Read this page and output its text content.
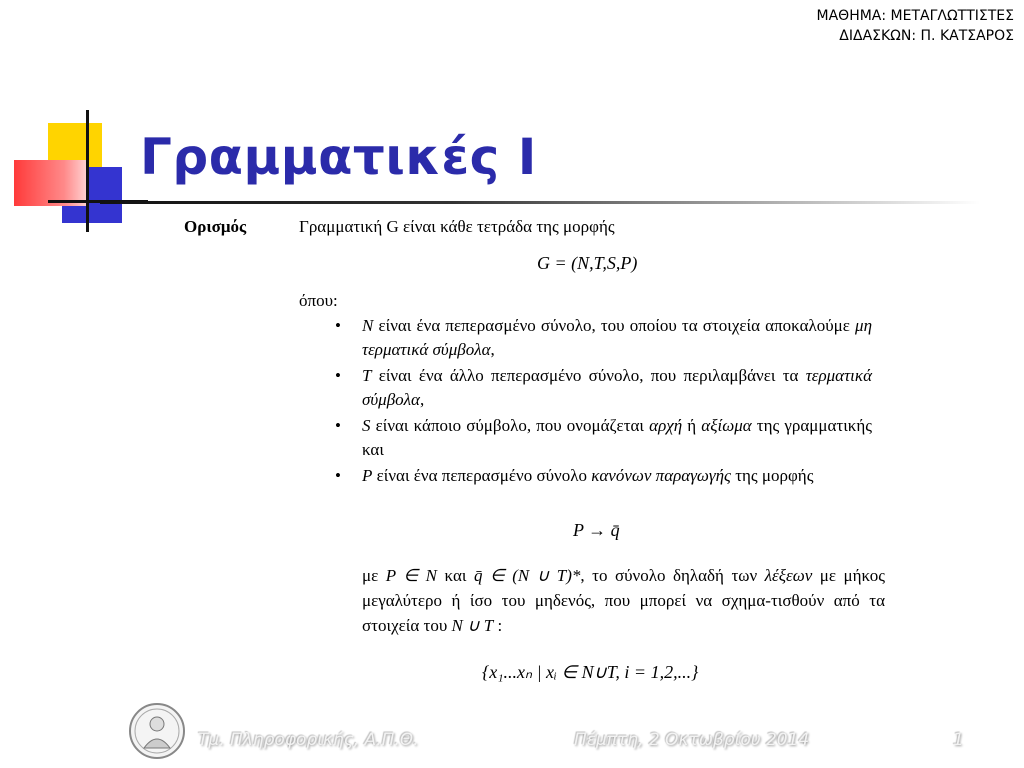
ΜΑΘΗΜΑ: ΜΕΤΑΓΛΩΤΤΙΣΤΕΣ
ΔΙΔΑΣΚΩΝ: Π. ΚΑΤΣΑΡΟΣ
Γραμματικές Ι
Ορισμός	Γραμματική G είναι κάθε τετράδα της μορφής
G = (N,T,S,P)
όπου:
• N είναι ένα πεπερασμένο σύνολο, του οποίου τα στοιχεία αποκαλούμε μη τερματικά σύμβολα,
• T είναι ένα άλλο πεπερασμένο σύνολο, που περιλαμβάνει τα τερματικά σύμβολα,
• S είναι κάποιο σύμβολο, που ονομάζεται αρχή ή αξίωμα της γραμματικής και
• P είναι ένα πεπερασμένο σύνολο κανόνων παραγωγής της μορφής
P → q̄
με P ∈ N και q̄ ∈ (N ∪ T)*, το σύνολο δηλαδή των λέξεων με μήκος μεγαλύτερο ή ίσο του μηδενός, που μπορεί να σχημα-τισθούν από τα στοιχεία του N ∪ T :
{x₁...xₙ | xᵢ ∈ N∪T, i = 1,2,...}
Τμ. Πληροφορικής, Α.Π.Θ.	Πέμπτη, 2 Οκτωβρίου 2014	1
